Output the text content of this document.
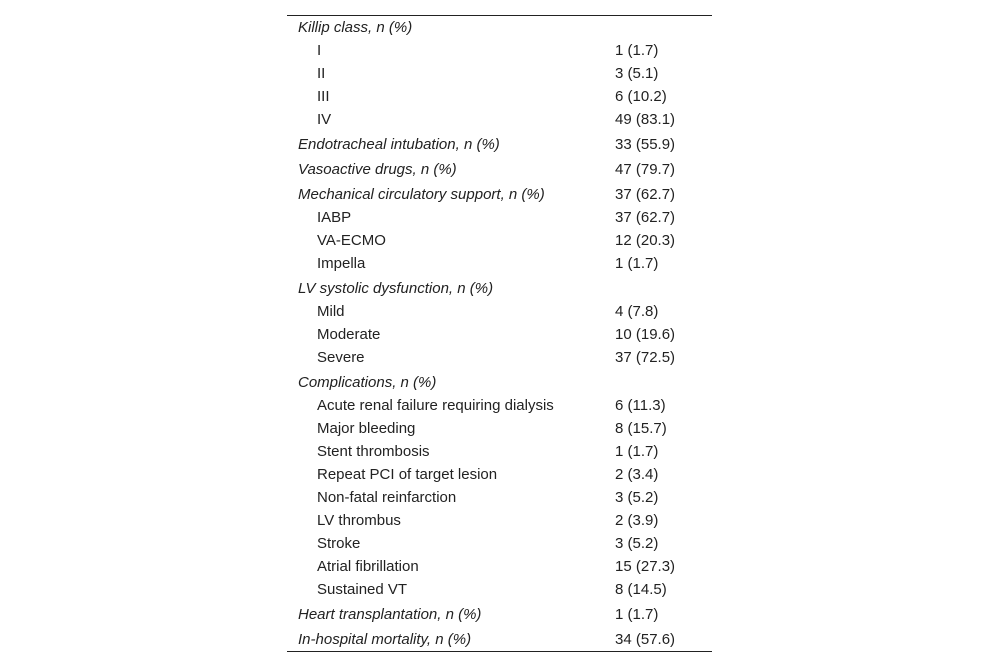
Killip class, n (%)	
I	1 (1.7)
II	3 (5.1)
III	6 (10.2)
IV	49 (83.1)
Endotracheal intubation, n (%)	33 (55.9)
Vasoactive drugs, n (%)	47 (79.7)
Mechanical circulatory support, n (%)	37 (62.7)
IABP	37 (62.7)
VA-ECMO	12 (20.3)
Impella	1 (1.7)
LV systolic dysfunction, n (%)	
Mild	4 (7.8)
Moderate	10 (19.6)
Severe	37 (72.5)
Complications, n (%)	
Acute renal failure requiring dialysis	6 (11.3)
Major bleeding	8 (15.7)
Stent thrombosis	1 (1.7)
Repeat PCI of target lesion	2 (3.4)
Non-fatal reinfarction	3 (5.2)
LV thrombus	2 (3.9)
Stroke	3 (5.2)
Atrial fibrillation	15 (27.3)
Sustained VT	8 (14.5)
Heart transplantation, n (%)	1 (1.7)
In-hospital mortality, n (%)	34 (57.6)
